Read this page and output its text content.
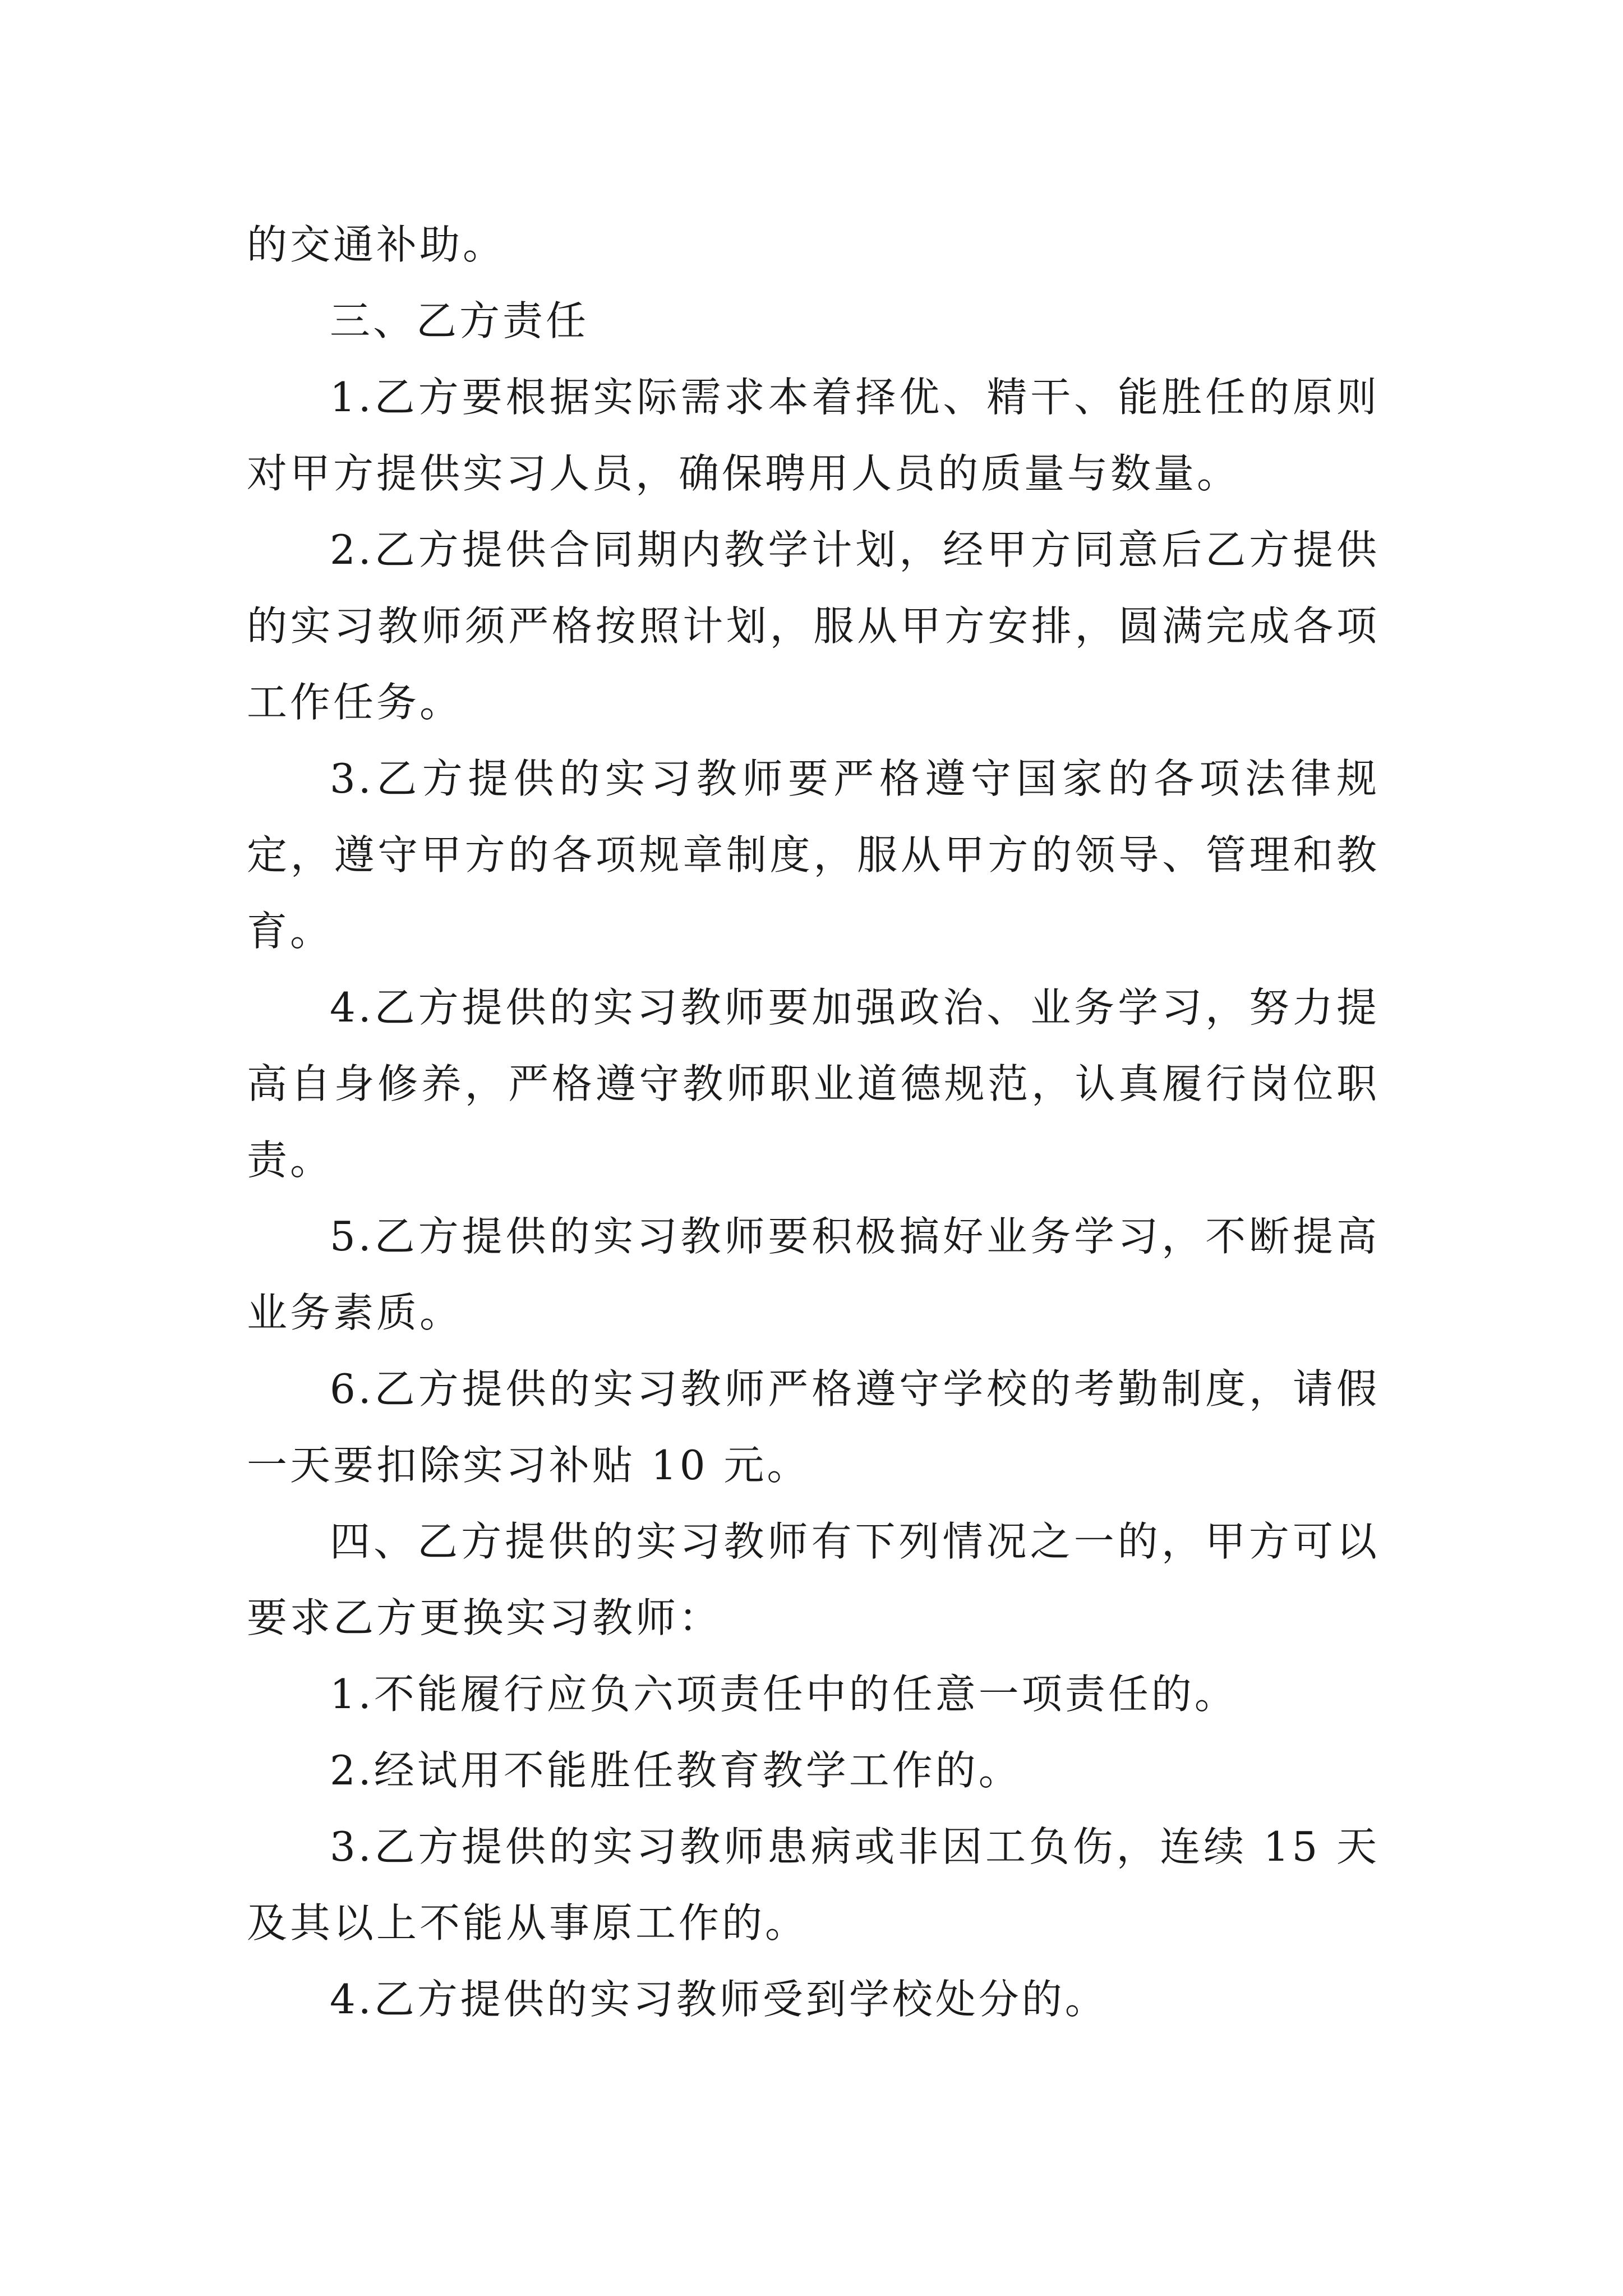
的交通补助。

三、乙方责任

1.乙方要根据实际需求本着择优、精干、能胜任的原则对甲方提供实习人员，确保聘用人员的质量与数量。

2.乙方提供合同期内教学计划，经甲方同意后乙方提供的实习教师须严格按照计划，服从甲方安排，圆满完成各项工作任务。

3.乙方提供的实习教师要严格遵守国家的各项法律规定，遵守甲方的各项规章制度，服从甲方的领导、管理和教育。

4.乙方提供的实习教师要加强政治、业务学习，努力提高自身修养，严格遵守教师职业道德规范，认真履行岗位职责。

5.乙方提供的实习教师要积极搞好业务学习，不断提高业务素质。

6.乙方提供的实习教师严格遵守学校的考勤制度，请假一天要扣除实习补贴 10 元。

四、乙方提供的实习教师有下列情况之一的，甲方可以要求乙方更换实习教师：

1.不能履行应负六项责任中的任意一项责任的。

2.经试用不能胜任教育教学工作的。

3.乙方提供的实习教师患病或非因工负伤，连续 15 天及其以上不能从事原工作的。

4.乙方提供的实习教师受到学校处分的。
